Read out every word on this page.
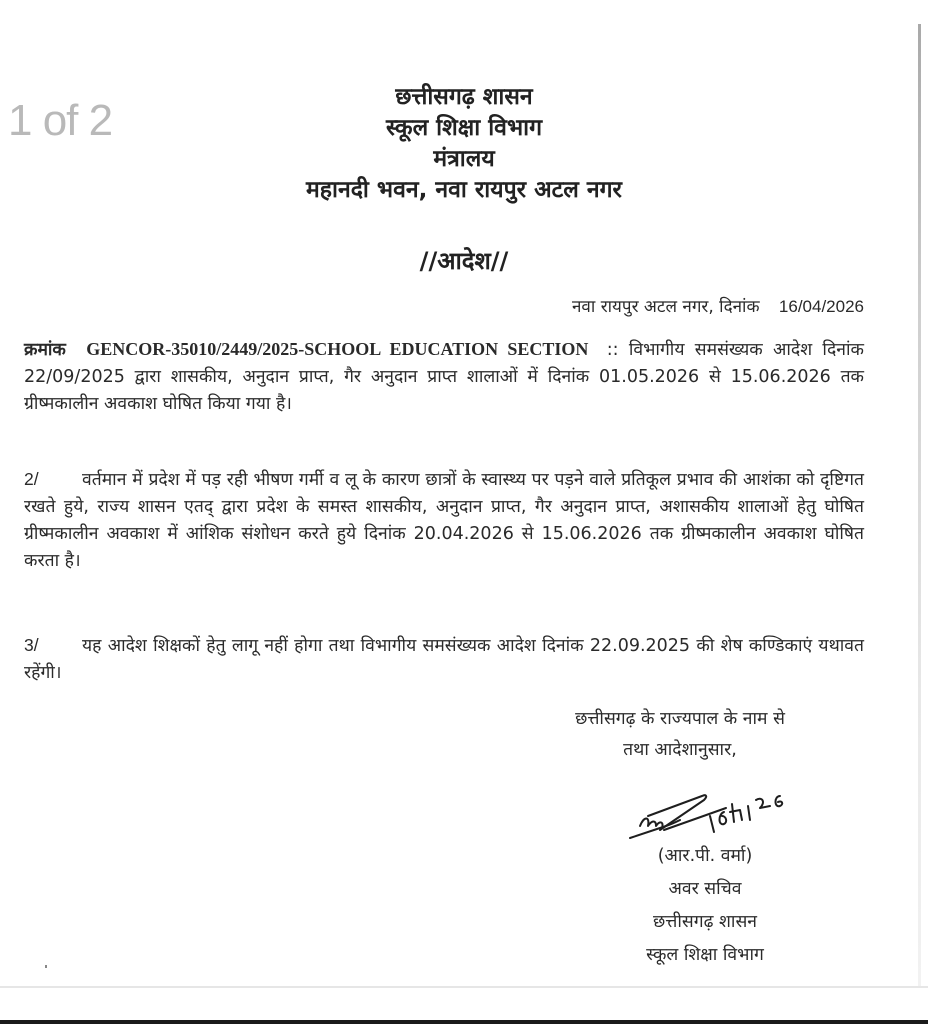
1 of 2	छत्तीसगढ़ शासन
स्कूल शिक्षा विभाग
मंत्रालय
महानदी भवन, नवा रायपुर अटल नगर
//आदेश//
नवा रायपुर अटल नगर, दिनांक 16/04/2026
क्रमांक GENCOR-35010/2449/2025-SCHOOL EDUCATION SECTION :: विभागीय समसंख्यक आदेश दिनांक 22/09/2025 द्वारा शासकीय, अनुदान प्राप्त, गैर अनुदान प्राप्त शालाओं में दिनांक 01.05.2026 से 15.06.2026 तक ग्रीष्मकालीन अवकाश घोषित किया गया है।
2/ वर्तमान में प्रदेश में पड़ रही भीषण गर्मी व लू के कारण छात्रों के स्वास्थ्य पर पड़ने वाले प्रतिकूल प्रभाव की आशंका को दृष्टिगत रखते हुये, राज्य शासन एतद् द्वारा प्रदेश के समस्त शासकीय, अनुदान प्राप्त, गैर अनुदान प्राप्त, अशासकीय शालाओं हेतु घोषित ग्रीष्मकालीन अवकाश में आंशिक संशोधन करते हुये दिनांक 20.04.2026 से 15.06.2026 तक ग्रीष्मकालीन अवकाश घोषित करता है।
3/ यह आदेश शिक्षकों हेतु लागू नहीं होगा तथा विभागीय समसंख्यक आदेश दिनांक 22.09.2025 की शेष कण्डिकाएं यथावत रहेंगी।
छत्तीसगढ़ के राज्यपाल के नाम से
तथा आदेशानुसार,
(आर.पी. वर्मा)
अवर सचिव
छत्तीसगढ़ शासन
स्कूल शिक्षा विभाग
